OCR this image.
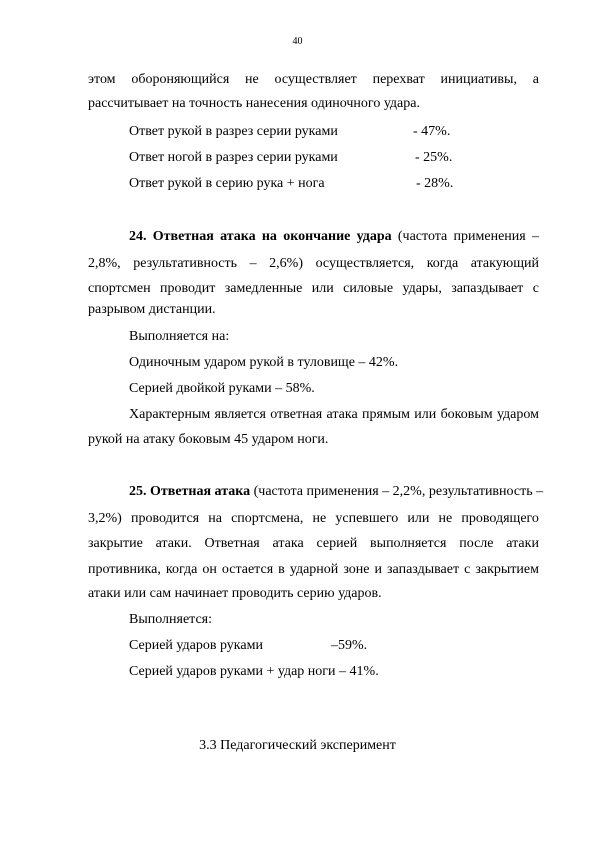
40
этом обороняющийся не осуществляет перехват инициативы, а
рассчитывает на точность нанесения одиночного удара.
Ответ рукой в разрез серии руками	- 47%.
Ответ ногой в разрез серии руками	- 25%.
Ответ рукой в серию рука + нога	- 28%.
24. Ответная атака на окончание удара (частота применения –
2,8%, результативность – 2,6%) осуществляется, когда атакующий
спортсмен проводит замедленные или силовые удары, запаздывает с
разрывом дистанции.
Выполняется на:
Одиночным ударом рукой в туловище – 42%.
Серией двойкой руками – 58%.
Характерным является ответная атака прямым или боковым ударом
рукой на атаку боковым 45 ударом ноги.
25. Ответная атака (частота применения – 2,2%, результативность –
3,2%) проводится на спортсмена, не успевшего или не проводящего
закрытие атаки. Ответная атака серией выполняется после атаки
противника, когда он остается в ударной зоне и запаздывает с закрытием
атаки или сам начинает проводить серию ударов.
Выполняется:
Серией ударов руками	–59%.
Серией ударов руками + удар ноги – 41%.
3.3 Педагогический эксперимент
